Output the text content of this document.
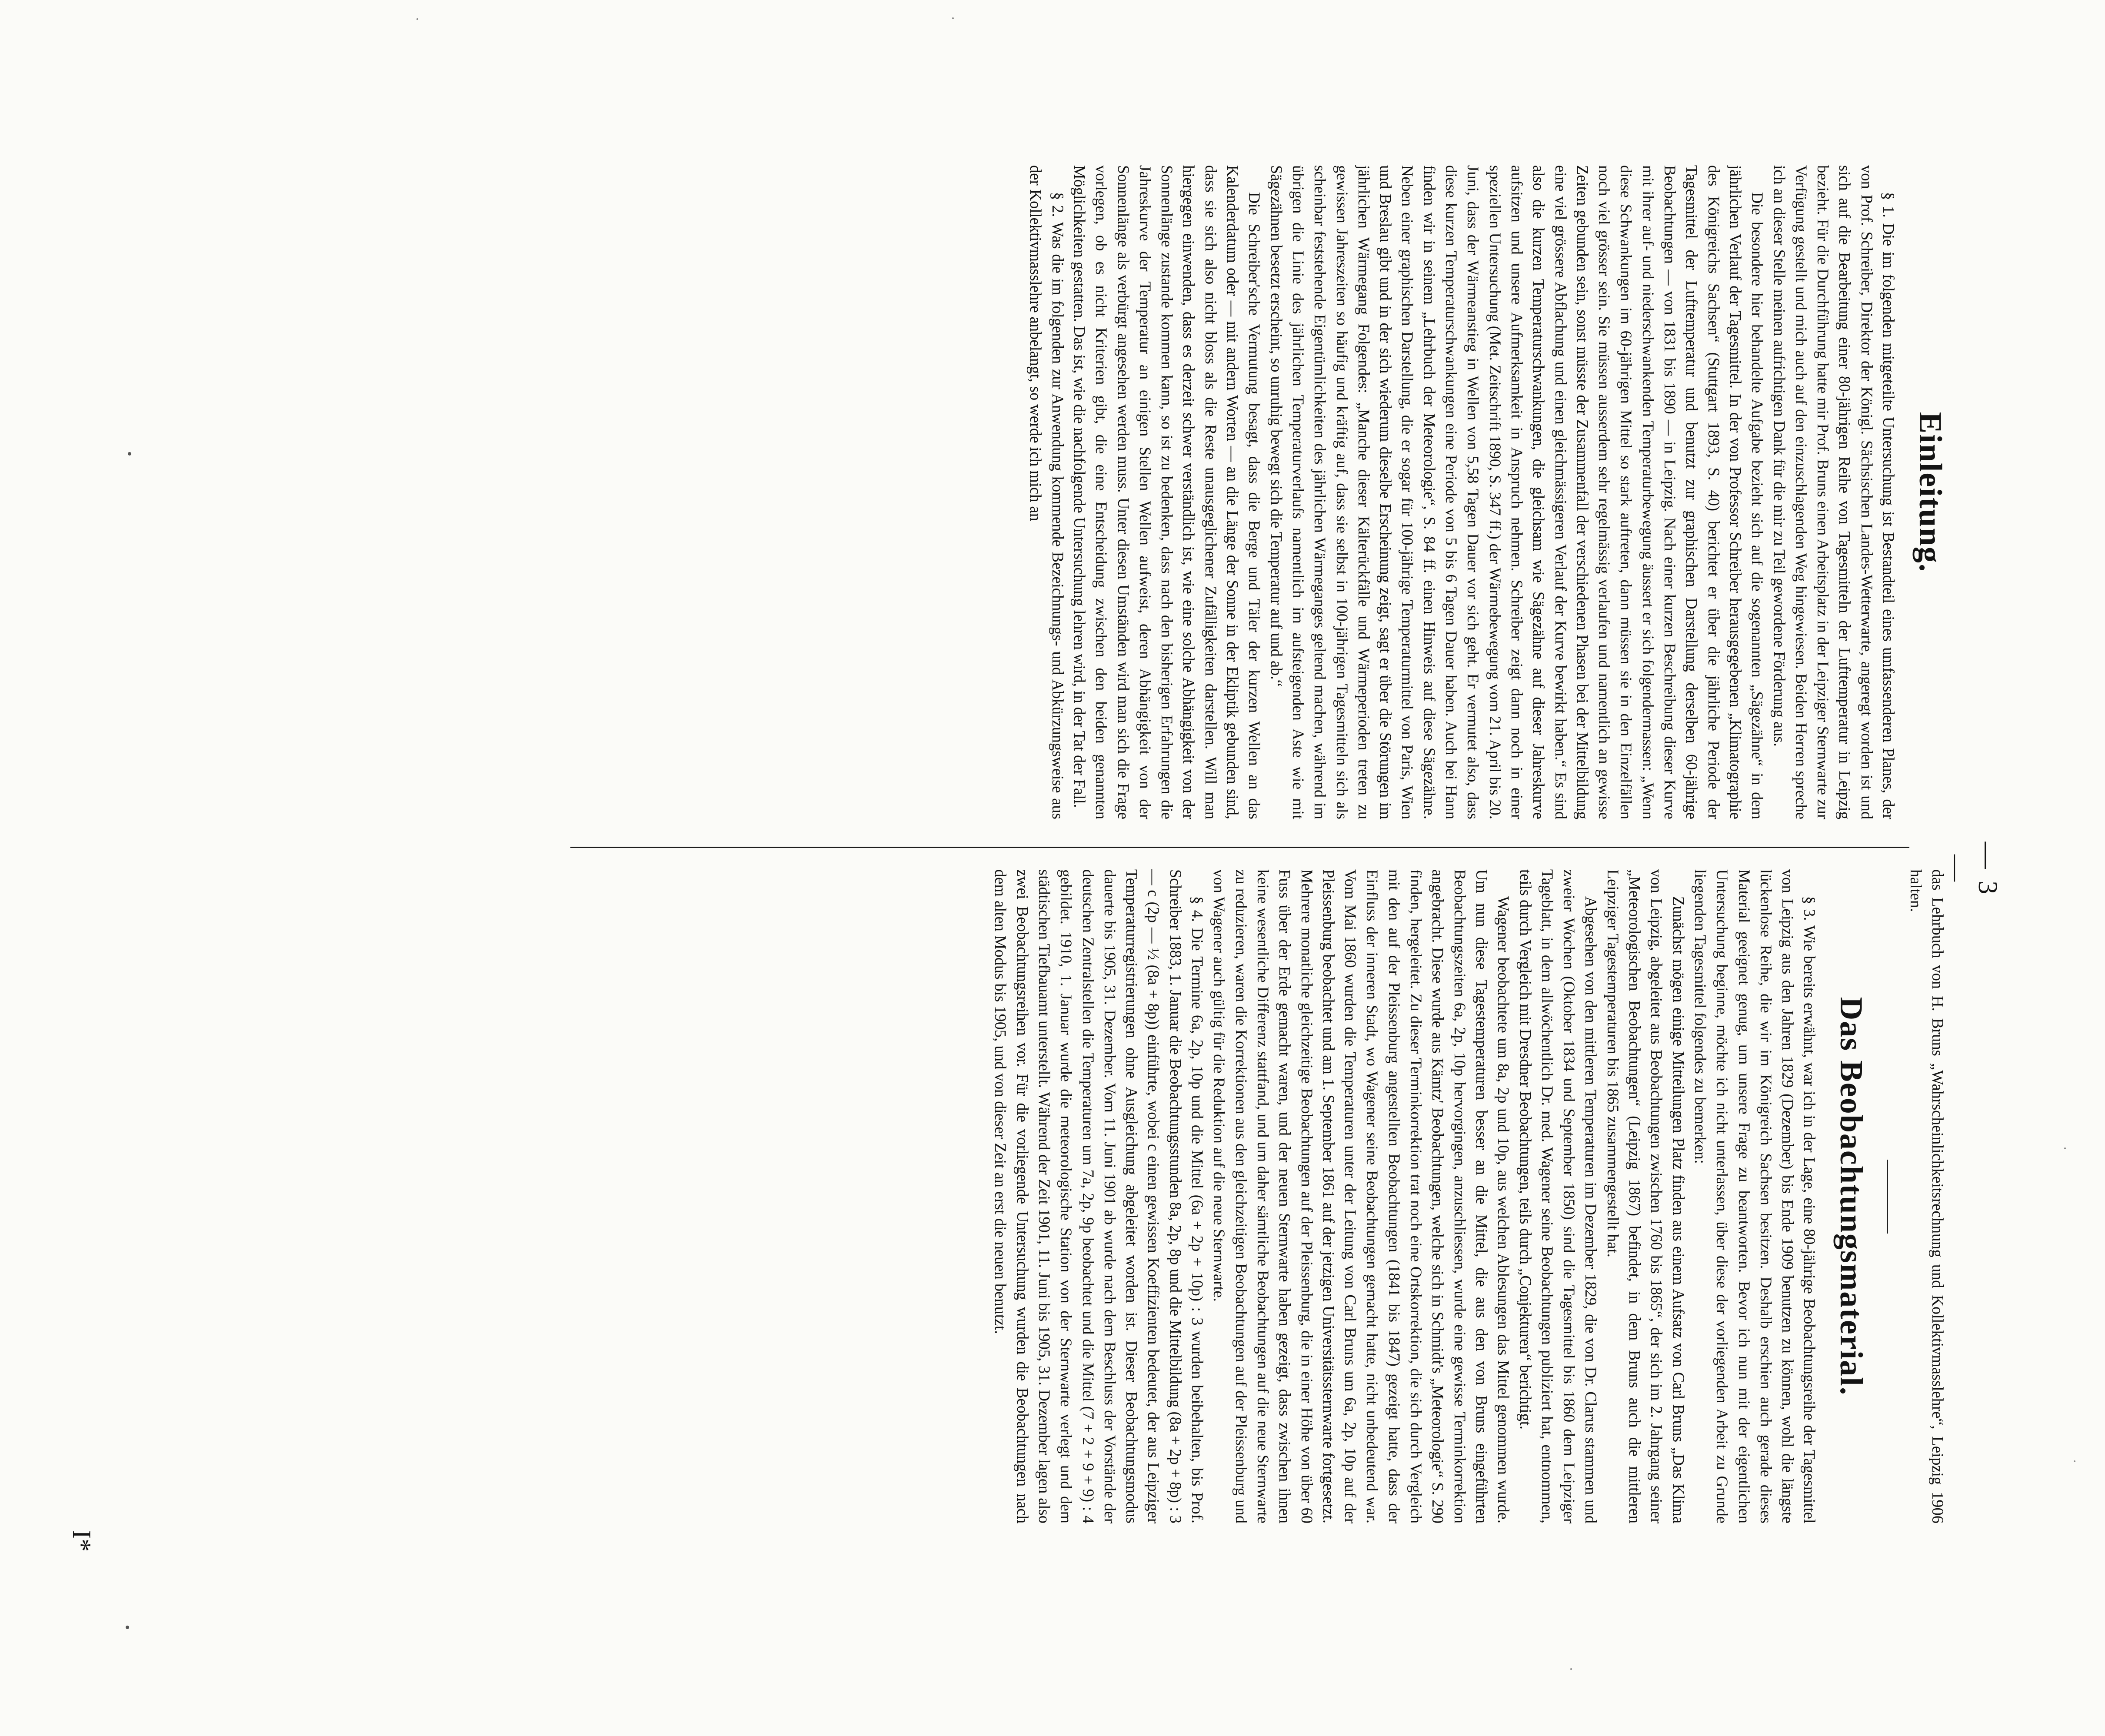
— 3 —
Einleitung.

§ 1. Die im folgenden mitgeteilte Untersuchung ist Bestandteil eines umfassenderen Planes, der von Prof. Schreiber, Direktor der Königl. Sächsischen Landes-Wetterwarte, angeregt worden ist und sich auf die Bearbeitung einer 80-jährigen Reihe von Tagesmitteln der Lufttemperatur in Leipzig bezieht. Für die Durchführung hatte mir Prof. Bruns einen Arbeitsplatz in der Leipziger Sternwarte zur Verfügung gestellt und mich auch auf den einzuschlagenden Weg hingewiesen. Beiden Herren spreche ich an dieser Stelle meinen aufrichtigen Dank für die mir zu Teil gewordene Förderung aus.

Die besondere hier behandelte Aufgabe bezieht sich auf die sogenannten „Sägezähne“ in dem jährlichen Verlauf der Tagesmittel. In der von Professor Schreiber herausgegebenen „Klimatographie des Königreichs Sachsen“ (Stuttgart 1893, S. 40) berichtet er über die jährliche Periode der Tagesmittel der Lufttemperatur und benutzt zur graphischen Darstellung derselben 60-jährige Beobachtungen — von 1831 bis 1890 — in Leipzig. Nach einer kurzen Beschreibung dieser Kurve mit ihrer auf- und niederschwankenden Temperaturbewegung äussert er sich folgendermassen: „Wenn diese Schwankungen im 60-jährigen Mittel so stark auftreten, dann müssen sie in den Einzelfällen noch viel grösser sein. Sie müssen ausserdem sehr regelmässig verlaufen und namentlich an gewisse Zeiten gebunden sein, sonst müsste der Zusammenfall der verschiedenen Phasen bei der Mittelbildung eine viel grössere Abflachung und einen gleichmässigeren Verlauf der Kurve bewirkt haben.“ Es sind also die kurzen Temperaturschwankungen, die gleichsam wie Sägezähne auf dieser Jahreskurve aufsitzen und unsere Aufmerksamkeit in Anspruch nehmen. Schreiber zeigt dann noch in einer speziellen Untersuchung (Met. Zeitschrift 1890, S. 347 ff.) der Wärmebewegung vom 21. April bis 20. Juni, dass der Wärmeanstieg in Wellen von 5,58 Tagen Dauer vor sich geht. Er vermutet also, dass diese kurzen Temperaturschwankungen eine Periode von 5 bis 6 Tagen Dauer haben. Auch bei Hann finden wir in seinem „Lehrbuch der Meteorologie“, S. 84 ff. einen Hinweis auf diese Sägezähne. Neben einer graphischen Darstellung, die er sogar für 100-jährige Temperaturmittel von Paris, Wien und Breslau gibt und in der sich wiederum dieselbe Erscheinung zeigt, sagt er über die Störungen im jährlichen Wärmegang Folgendes: „Manche dieser Kälterückfälle und Wärmeperioden treten zu gewissen Jahreszeiten so häufig und kräftig auf, dass sie selbst in 100-jährigen Tagesmitteln sich als scheinbar feststehende Eigentümlichkeiten des jährlichen Wärmeganges geltend machen, während im übrigen die Linie des jährlichen Temperaturverlaufs namentlich im aufsteigenden Aste wie mit Sägezähnen besetzt erscheint, so unruhig bewegt sich die Temperatur auf und ab.“

Die Schreiber'sche Vermutung besagt, dass die Berge und Täler der kurzen Wellen an das Kalenderdatum oder — mit andern Worten — an die Länge der Sonne in der Ekliptik gebunden sind, dass sie sich also nicht bloss als die Reste unausgeglichener Zufälligkeiten darstellen. Will man hiergegen einwenden, dass es derzeit schwer verständlich ist, wie eine solche Abhängigkeit von der Sonnenlänge zustande kommen kann, so ist zu bedenken, dass nach den bisherigen Erfahrungen die Jahreskurve der Temperatur an einigen Stellen Wellen aufweist, deren Abhängigkeit von der Sonnenlänge als verbürgt angesehen werden muss. Unter diesen Umständen wird man sich die Frage vorlegen, ob es nicht Kriterien gibt, die eine Entscheidung zwischen den beiden genannten Möglichkeiten gestatten. Das ist, wie die nachfolgende Untersuchung lehren wird, in der Tat der Fall.

§ 2. Was die im folgenden zur Anwendung kommende Bezeichnungs- und Abkürzungsweise aus der Kollektivmasslehre anbelangt, so werde ich mich an

das Lehrbuch von H. Bruns „Wahrscheinlichkeitsrechnung und Kollektivmasslehre“, Leipzig 1906 halten.

Das Beobachtungsmaterial.

§ 3. Wie bereits erwähnt, war ich in der Lage, eine 80-jährige Beobachtungsreihe der Tagesmittel von Leipzig aus den Jahren 1829 (Dezember) bis Ende 1909 benutzen zu können, wohl die längste lückenlose Reihe, die wir im Königreich Sachsen besitzen. Deshalb erschien auch gerade dieses Material geeignet genug, um unsere Frage zu beantworten. Bevor ich nun mit der eigentlichen Untersuchung beginne, möchte ich nicht unterlassen, über diese der vorliegenden Arbeit zu Grunde liegenden Tagesmittel folgendes zu bemerken:

Zunächst mögen einige Mitteilungen Platz finden aus einem Aufsatz von Carl Bruns „Das Klima von Leipzig, abgeleitet aus Beobachtungen zwischen 1760 bis 1865“, der sich im 2. Jahrgang seiner „Meteorologischen Beobachtungen“ (Leipzig 1867) befindet, in dem Bruns auch die mittleren Leipziger Tagestemperaturen bis 1865 zusammengestellt hat.

Abgesehen von den mittleren Temperaturen im Dezember 1829, die von Dr. Clarus stammen und zweier Wochen (Oktober 1834 und September 1850) sind die Tagesmittel bis 1860 dem Leipziger Tageblatt, in dem allwöchentlich Dr. med. Wagener seine Beobachtungen publiziert hat, entnommen, teils durch Vergleich mit Dresdner Beobachtungen, teils durch „Conjekturen“ berichtigt.

Wagener beobachtete um 8a, 2p und 10p, aus welchen Ablesungen das Mittel genommen wurde. Um nun diese Tagestemperaturen besser an die Mittel, die aus den von Bruns eingeführten Beobachtungszeiten 6a, 2p, 10p hervorgingen, anzuschliessen, wurde eine gewisse Terminkorrektion angebracht. Diese wurde aus Kämtz' Beobachtungen, welche sich in Schmidt's „Meteorologie“ S. 290 finden, hergeleitet. Zu dieser Terminkorrektion trat noch eine Ortskorrektion, die sich durch Vergleich mit den auf der Pleissenburg angestellten Beobachtungen (1841 bis 1847) gezeigt hatte, dass der Einfluss der inneren Stadt, wo Wagener seine Beobachtungen gemacht hatte, nicht unbedeutend war. Vom Mai 1860 wurden die Temperaturen unter der Leitung von Carl Bruns um 6a, 2p, 10p auf der Pleissenburg beobachtet und am 1. September 1861 auf der jetzigen Universitätssternwarte fortgesetzt. Mehrere monatliche gleichzeitige Beobachtungen auf der Pleissenburg, die in einer Höhe von über 60 Fuss über der Erde gemacht waren, und der neuen Sternwarte haben gezeigt, dass zwischen ihnen keine wesentliche Differenz stattfand, und um daher sämtliche Beobachtungen auf die neue Sternwarte zu reduzieren, waren die Korrektionen aus den gleichzeitigen Beobachtungen auf der Pleissenburg und von Wagener auch gültig für die Reduktion auf die neue Sternwarte.

§ 4. Die Termine 6a, 2p, 10p und die Mittel (6a + 2p + 10p) : 3 wurden beibehalten, bis Prof. Schreiber 1883, 1. Januar die Beobachtungsstunden 8a, 2p, 8p und die Mittelbildung (8a + 2p + 8p) : 3 — c (2p — ½ (8a + 8p)) einführte, wobei c einen gewissen Koeffizienten bedeutet, der aus Leipziger Temperaturregistrierungen ohne Ausgleichung abgeleitet worden ist. Dieser Beobachtungsmodus dauerte bis 1905, 31. Dezember. Vom 11. Juni 1901 ab wurde nach dem Beschluss der Vorstände der deutschen Zentralstellen die Temperaturen um 7a, 2p, 9p beobachtet und die Mittel (7 + 2 + 9 + 9) : 4 gebildet. 1910, 1. Januar wurde die meteorologische Station von der Sternwarte verlegt und dem städtischen Tiefbauamt unterstellt. Während der Zeit 1901, 11. Juni bis 1905, 31. Dezember lagen also zwei Beobachtungsreihen vor. Für die vorliegende Untersuchung wurden die Beobachtungen nach dem alten Modus bis 1905, und von dieser Zeit an erst die neuen benutzt.

I*
